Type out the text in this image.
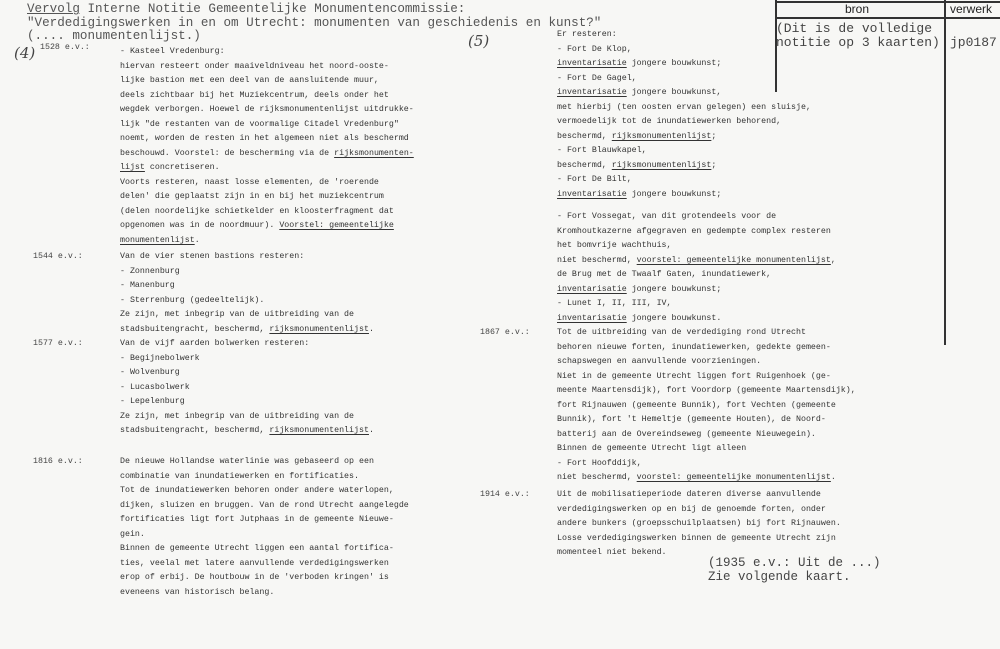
Vervolg Interne Notitie Gemeentelijke Monumentencommissie:
"Verdedigingswerken in en om Utrecht: monumenten van geschiedenis en kunst?"
(.... monumentenlijst.)
bron	verwerk
(Dit is de volledige
notitie op 3 kaarten) jp0187
(4)
(5)
1528 e.v.:	- Kasteel Vredenburg:
hiervan resteert onder maaiveldniveau het noord-ooste-
lijke bastion met een deel van de aansluitende muur,
deels zichtbaar bij het Muziekcentrum, deels onder het
wegdek verborgen. Hoewel de rijksmonumentenlijst uitdrukke-
lijk "de restanten van de voormalige Citadel Vredenburg"
noemt, worden de resten in het algemeen niet als beschermd
beschouwd. Voorstel: de bescherming via de rijksmonumenten-
lijst concretiseren.
Voorts resteren, naast losse elementen, de 'roerende
delen' die geplaatst zijn in en bij het muziekcentrum
(delen noordelijke schietkelder en kloosterfragment dat
opgenomen was in de noordmuur). Voorstel: gemeentelijke
monumentenlijst.
1544 e.v.:	Van de vier stenen bastions resteren:
- Zonnenburg
- Manenburg
- Sterrenburg (gedeeltelijk).
Ze zijn, met inbegrip van de uitbreiding van de
stadsbuitengracht, beschermd, rijksmonumentenlijst.
1577 e.v.:	Van de vijf aarden bolwerken resteren:
- Begijnebolwerk
- Wolvenburg
- Lucasbolwerk
- Lepelenburg
Ze zijn, met inbegrip van de uitbreiding van de
stadsbuitengracht, beschermd, rijksmonumentenlijst.
1816 e.v.:	De nieuwe Hollandse waterlinie was gebaseerd op een
combinatie van inundatiewerken en fortificaties.
Tot de inundatiewerken behoren onder andere waterlopen,
dijken, sluizen en bruggen. Van de rond Utrecht aangelegde
fortificaties ligt fort Jutphaas in de gemeente Nieuwe-
gein.
Binnen de gemeente Utrecht liggen een aantal fortifica-
ties, veelal met latere aanvullende verdedigingswerken
erop of erbij. De houtbouw in de 'verboden kringen' is
eveneens van historisch belang.
Er resteren:
- Fort De Klop,
inventarisatie jongere bouwkunst;
- Fort De Gagel,
inventarisatie jongere bouwkunst,
met hierbij (ten oosten ervan gelegen) een sluisje,
vermoedelijk tot de inundatiewerken behorend,
beschermd, rijksmonumentenlijst;
- Fort Blauwkapel,
beschermd, rijksmonumentenlijst;
- Fort De Bilt,
inventarisatie jongere bouwkunst;
- Fort Vossegat, van dit grotendeels voor de
Kromhoutkazerne afgegraven en gedempte complex resteren
het bomvrije wachthuis,
niet beschermd, voorstel: gemeentelijke monumentenlijst,
de Brug met de Twaalf Gaten, inundatiewerk,
inventarisatie jongere bouwkunst;
- Lunet I, II, III, IV,
inventarisatie jongere bouwkunst.
1867 e.v.:	Tot de uitbreiding van de verdediging rond Utrecht
behoren nieuwe forten, inundatiewerken, gedekte gemeen-
schapswegen en aanvullende voorzieningen.
Niet in de gemeente Utrecht liggen fort Ruigenhoek (ge-
meente Maartensdijk), fort Voordorp (gemeente Maartensdijk),
fort Rijnauwen (gemeente Bunnik), fort Vechten (gemeente
Bunnik), fort 't Hemeltje (gemeente Houten), de Noord-
batterij aan de Overeindseweg (gemeente Nieuwegein).
Binnen de gemeente Utrecht ligt alleen
- Fort Hoofddijk,
niet beschermd, voorstel: gemeentelijke monumentenlijst.
1914 e.v.:	Uit de mobilisatieperiode dateren diverse aanvullende
verdedigingswerken op en bij de genoemde forten, onder
andere bunkers (groepsschuilplaatsen) bij fort Rijnauwen.
Losse verdedigingswerken binnen de gemeente Utrecht zijn
momenteel niet bekend.
(1935 e.v.: Uit de ...)
Zie volgende kaart.
